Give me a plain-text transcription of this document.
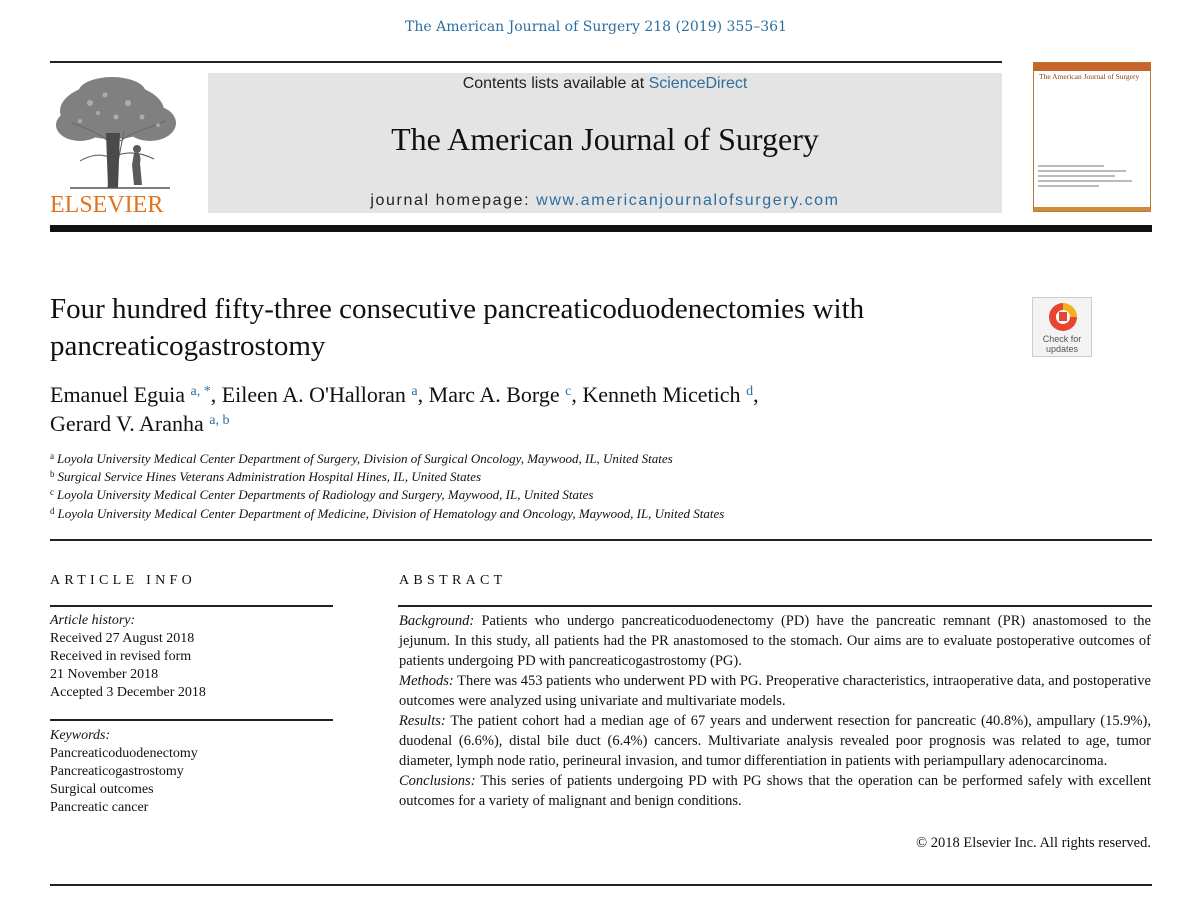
The American Journal of Surgery 218 (2019) 355–361
ELSEVIER
Contents lists available at ScienceDirect
The American Journal of Surgery
journal homepage: www.americanjournalofsurgery.com
The American Journal of Surgery
Four hundred fifty-three consecutive pancreaticoduodenectomies with pancreaticogastrostomy	Check for updates
Emanuel Eguia $^{a, *}$, Eileen A. O'Halloran $^a$, Marc A. Borge $^c$, Kenneth Micetich $^d$,
Gerard V. Aranha $^{a, b}$
$^a$ Loyola University Medical Center Department of Surgery, Division of Surgical Oncology, Maywood, IL, United States
$^b$ Surgical Service Hines Veterans Administration Hospital Hines, IL, United States
$^c$ Loyola University Medical Center Departments of Radiology and Surgery, Maywood, IL, United States
$^d$ Loyola University Medical Center Department of Medicine, Division of Hematology and Oncology, Maywood, IL, United States
ARTICLE INFO
Article history:
Received 27 August 2018
Received in revised form
21 November 2018
Accepted 3 December 2018
Keywords:
Pancreaticoduodenectomy
Pancreaticogastrostomy
Surgical outcomes
Pancreatic cancer
ABSTRACT

Background: Patients who undergo pancreaticoduodenectomy (PD) have the pancreatic remnant (PR) anastomosed to the jejunum. In this study, all patients had the PR anastomosed to the stomach. Our aims are to evaluate postoperative outcomes of patients undergoing PD with pancreaticogastrostomy (PG).

Methods: There was 453 patients who underwent PD with PG. Preoperative characteristics, intraoperative data, and postoperative outcomes were analyzed using univariate and multivariate models.

Results: The patient cohort had a median age of 67 years and underwent resection for pancreatic (40.8%), ampullary (15.9%), duodenal (6.6%), distal bile duct (6.4%) cancers. Multivariate analysis revealed poor prognosis was related to age, tumor diameter, lymph node ratio, perineural invasion, and tumor differentiation in patients with periampullary adenocarcinoma.

Conclusions: This series of patients undergoing PD with PG shows that the operation can be performed safely with excellent outcomes for a variety of malignant and benign conditions.

© 2018 Elsevier Inc. All rights reserved.
